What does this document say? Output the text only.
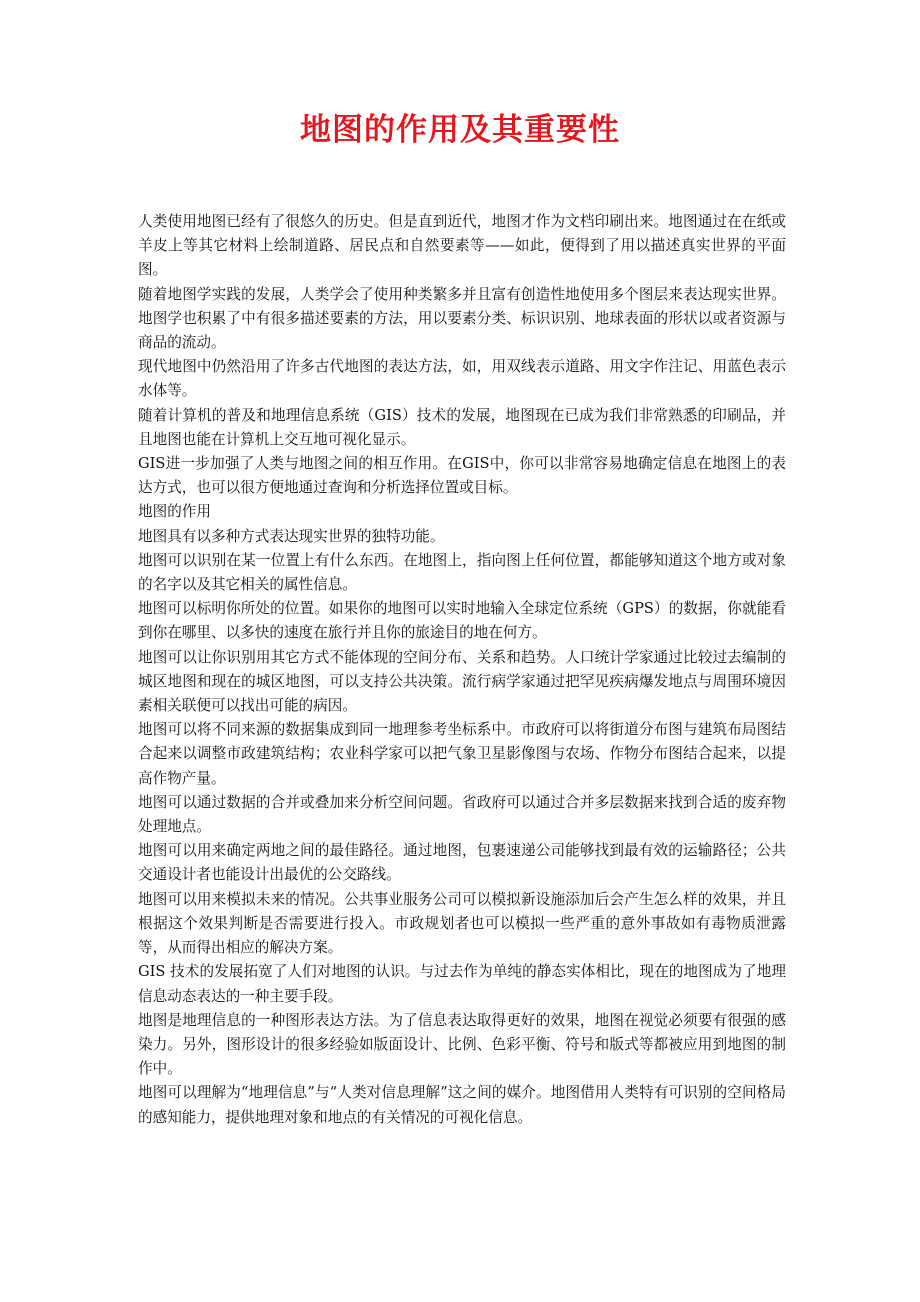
地图的作用及其重要性

人类使用地图已经有了很悠久的历史。但是直到近代，地图才作为文档印刷出来。地图通过在在纸或羊皮上等其它材料上绘制道路、居民点和自然要素等——如此，便得到了用以描述真实世界的平面图。

随着地图学实践的发展，人类学会了使用种类繁多并且富有创造性地使用多个图层来表达现实世界。地图学也积累了中有很多描述要素的方法，用以要素分类、标识识别、地球表面的形状以或者资源与商品的流动。

现代地图中仍然沿用了许多古代地图的表达方法，如，用双线表示道路、用文字作注记、用蓝色表示水体等。

随着计算机的普及和地理信息系统（GIS）技术的发展，地图现在已成为我们非常熟悉的印刷品，并且地图也能在计算机上交互地可视化显示。

GIS进一步加强了人类与地图之间的相互作用。在GIS中，你可以非常容易地确定信息在地图上的表达方式，也可以很方便地通过查询和分析选择位置或目标。

地图的作用

地图具有以多种方式表达现实世界的独特功能。

地图可以识别在某一位置上有什么东西。在地图上，指向图上任何位置，都能够知道这个地方或对象的名字以及其它相关的属性信息。

地图可以标明你所处的位置。如果你的地图可以实时地输入全球定位系统（GPS）的数据，你就能看到你在哪里、以多快的速度在旅行并且你的旅途目的地在何方。

地图可以让你识别用其它方式不能体现的空间分布、关系和趋势。人口统计学家通过比较过去编制的城区地图和现在的城区地图，可以支持公共决策。流行病学家通过把罕见疾病爆发地点与周围环境因素相关联便可以找出可能的病因。

地图可以将不同来源的数据集成到同一地理参考坐标系中。市政府可以将街道分布图与建筑布局图结合起来以调整市政建筑结构；农业科学家可以把气象卫星影像图与农场、作物分布图结合起来，以提高作物产量。

地图可以通过数据的合并或叠加来分析空间问题。省政府可以通过合并多层数据来找到合适的废弃物处理地点。

地图可以用来确定两地之间的最佳路径。通过地图，包裹速递公司能够找到最有效的运输路径；公共交通设计者也能设计出最优的公交路线。

地图可以用来模拟未来的情况。公共事业服务公司可以模拟新设施添加后会产生怎么样的效果，并且根据这个效果判断是否需要进行投入。市政规划者也可以模拟一些严重的意外事故如有毒物质泄露等，从而得出相应的解决方案。

GIS 技术的发展拓宽了人们对地图的认识。与过去作为单纯的静态实体相比，现在的地图成为了地理信息动态表达的一种主要手段。

地图是地理信息的一种图形表达方法。为了信息表达取得更好的效果，地图在视觉必须要有很强的感染力。另外，图形设计的很多经验如版面设计、比例、色彩平衡、符号和版式等都被应用到地图的制作中。

地图可以理解为“地理信息”与“人类对信息理解”这之间的媒介。地图借用人类特有可识别的空间格局的感知能力，提供地理对象和地点的有关情况的可视化信息。
